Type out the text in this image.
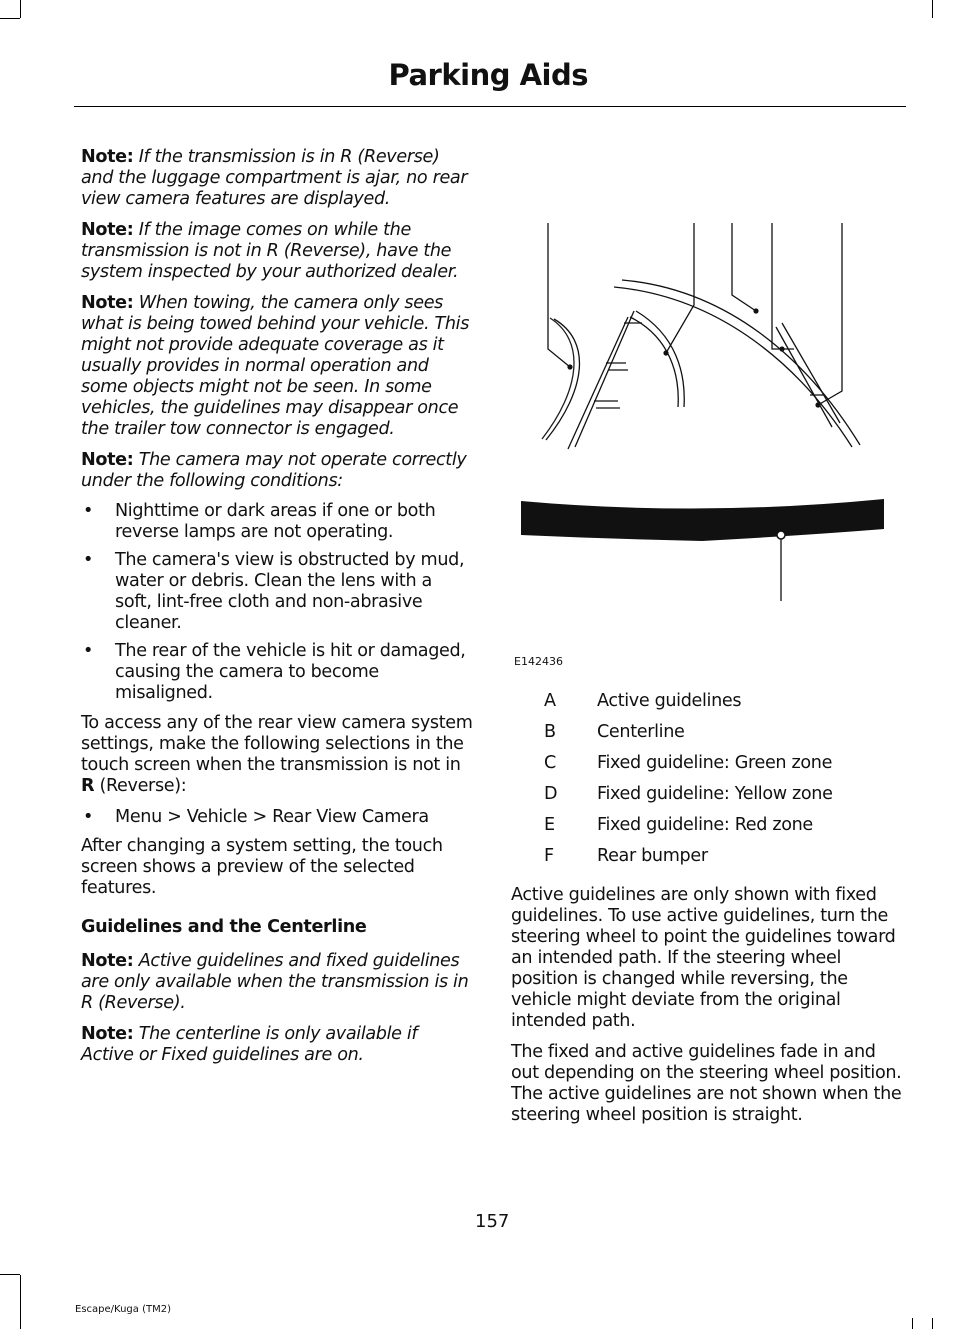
Parking Aids

Note: If the transmission is in R (Reverse) and the luggage compartment is ajar, no rear view camera features are displayed.

Note: If the image comes on while the transmission is not in R (Reverse), have the system inspected by your authorized dealer.

Note: When towing, the camera only sees what is being towed behind your vehicle. This might not provide adequate coverage as it usually provides in normal operation and some objects might not be seen. In some vehicles, the guidelines may disappear once the trailer tow connector is engaged.

Note: The camera may not operate correctly under the following conditions:

• Nighttime or dark areas if one or both reverse lamps are not operating.
• The camera's view is obstructed by mud, water or debris. Clean the lens with a soft, lint-free cloth and non-abrasive cleaner.
• The rear of the vehicle is hit or damaged, causing the camera to become misaligned.

To access any of the rear view camera system settings, make the following selections in the touch screen when the transmission is not in R (Reverse):

• Menu > Vehicle > Rear View Camera

After changing a system setting, the touch screen shows a preview of the selected features.

Guidelines and the Centerline

Note: Active guidelines and fixed guidelines are only available when the transmission is in R (Reverse).

Note: The centerline is only available if Active or Fixed guidelines are on.

E142436
A	Active guidelines
B	Centerline
C	Fixed guideline: Green zone
D	Fixed guideline: Yellow zone
E	Fixed guideline: Red zone
F	Rear bumper

Active guidelines are only shown with fixed guidelines. To use active guidelines, turn the steering wheel to point the guidelines toward an intended path. If the steering wheel position is changed while reversing, the vehicle might deviate from the original intended path.

The fixed and active guidelines fade in and out depending on the steering wheel position. The active guidelines are not shown when the steering wheel position is straight.

157
Escape/Kuga (TM2)
